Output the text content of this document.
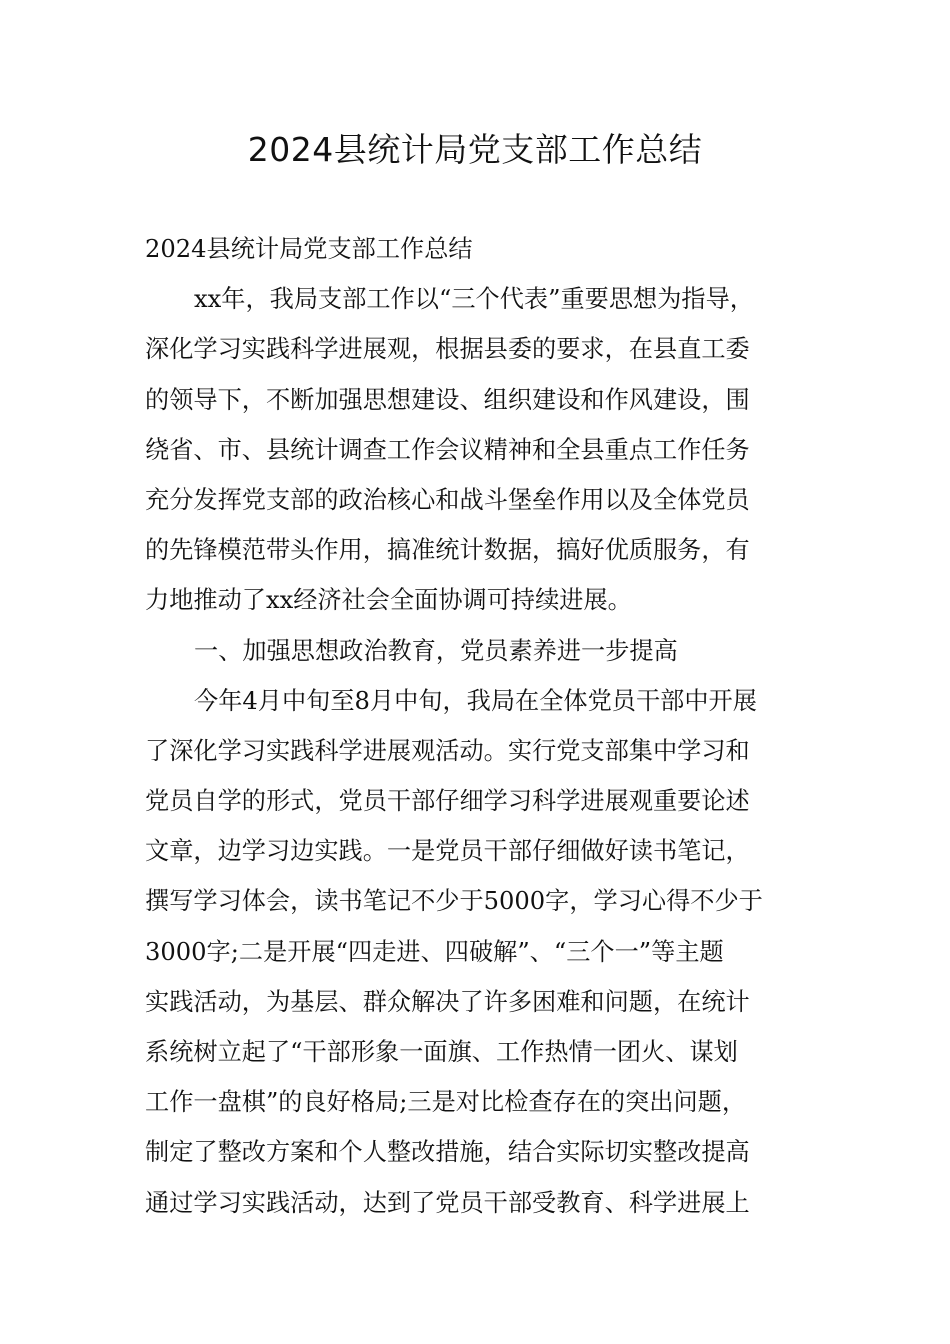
2024县统计局党支部工作总结
2024县统计局党支部工作总结
xx年，我局支部工作以“三个代表”重要思想为指导，
深化学习实践科学进展观，根据县委的要求，在县直工委
的领导下，不断加强思想建设、组织建设和作风建设，围
绕省、市、县统计调查工作会议精神和全县重点工作任务
充分发挥党支部的政治核心和战斗堡垒作用以及全体党员
的先锋模范带头作用，搞准统计数据，搞好优质服务，有
力地推动了xx经济社会全面协调可持续进展。
一、加强思想政治教育，党员素养进一步提高
今年4月中旬至8月中旬，我局在全体党员干部中开展
了深化学习实践科学进展观活动。实行党支部集中学习和
党员自学的形式，党员干部仔细学习科学进展观重要论述
文章，边学习边实践。一是党员干部仔细做好读书笔记，
撰写学习体会，读书笔记不少于5000字，学习心得不少于
3000字;二是开展“四走进、四破解”、“三个一”等主题
实践活动，为基层、群众解决了许多困难和问题，在统计
系统树立起了“干部形象一面旗、工作热情一团火、谋划
工作一盘棋”的良好格局;三是对比检查存在的突出问题，
制定了整改方案和个人整改措施，结合实际切实整改提高
通过学习实践活动，达到了党员干部受教育、科学进展上
